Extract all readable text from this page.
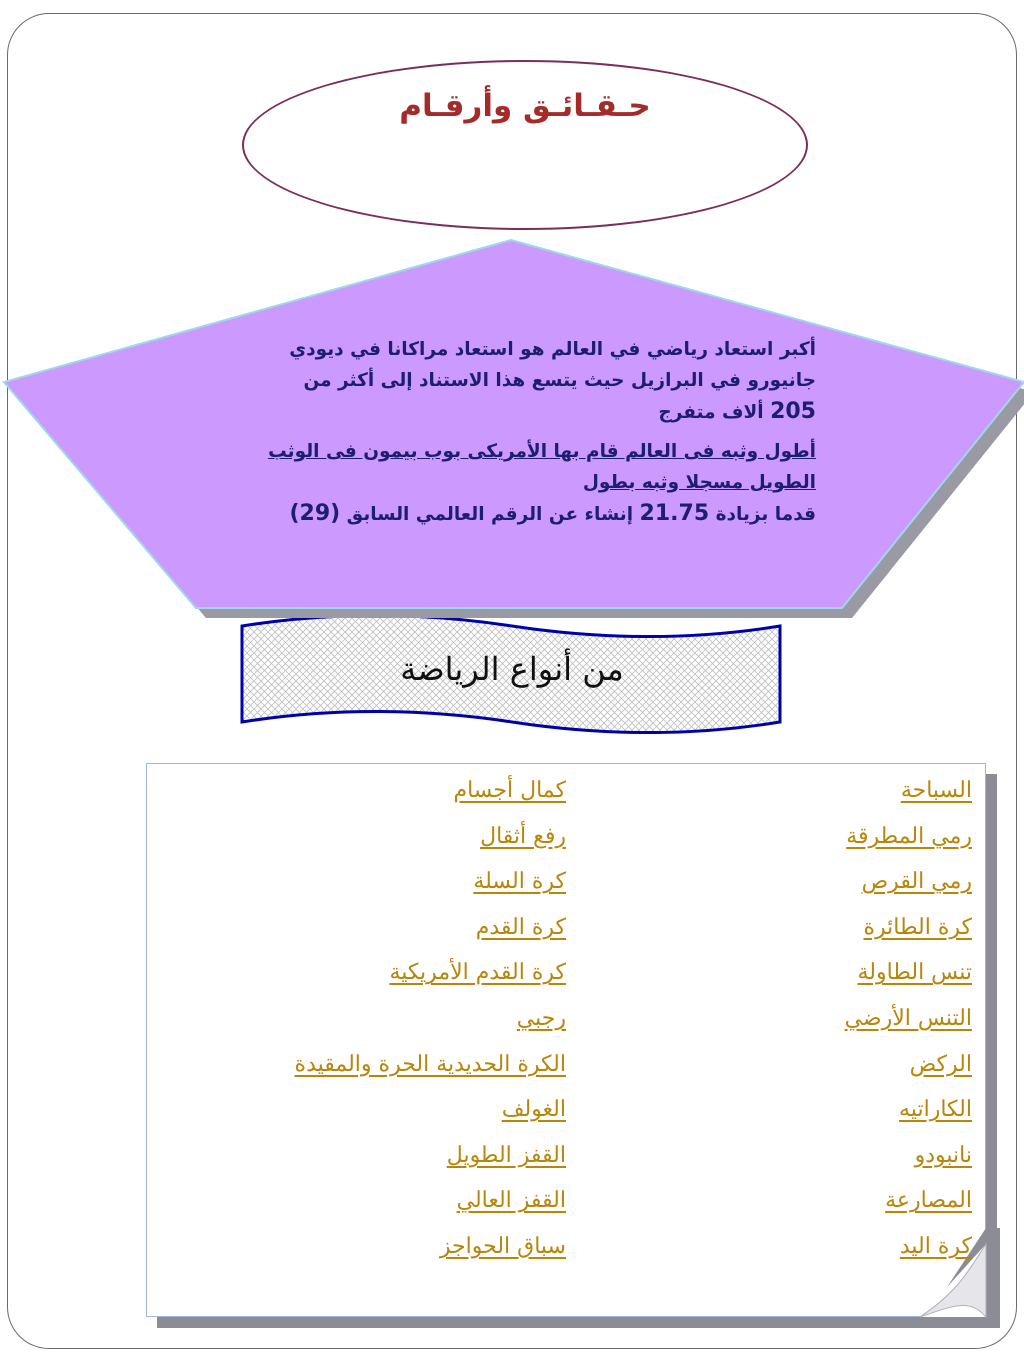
حـقـائـق وأرقـام

أكبر استعاد رياضي في العالم هو استعاد مراكانا في ديودي
جانيورو في البرازيل حيث يتسع هذا الاستناد إلى أكثر من
205 ألاف متفرج

أطول وثبه فى العالم قام بها الأمريكى بوب بيمون فى الوثب
الطويل مسجلا وثبه بطول
قدما بزيادة 21.75 إنشاء عن الرقم العالمي السابق (29)

من أنواع الرياضة
كمال أجسام
رفع أثقال
كرة السلة
كرة القدم
كرة القدم الأمريكية
رجبي
الكرة الحديدية الحرة والمقيدة
الغولف
القفز الطويل
القفز العالي
سباق الحواجز
السباحة
رمي المطرقة
رمي القرص
كرة الطائرة
تنس الطاولة
التنس الأرضي
الركض
الكاراتيه
نانبودو
المصارعة
كرة اليد
